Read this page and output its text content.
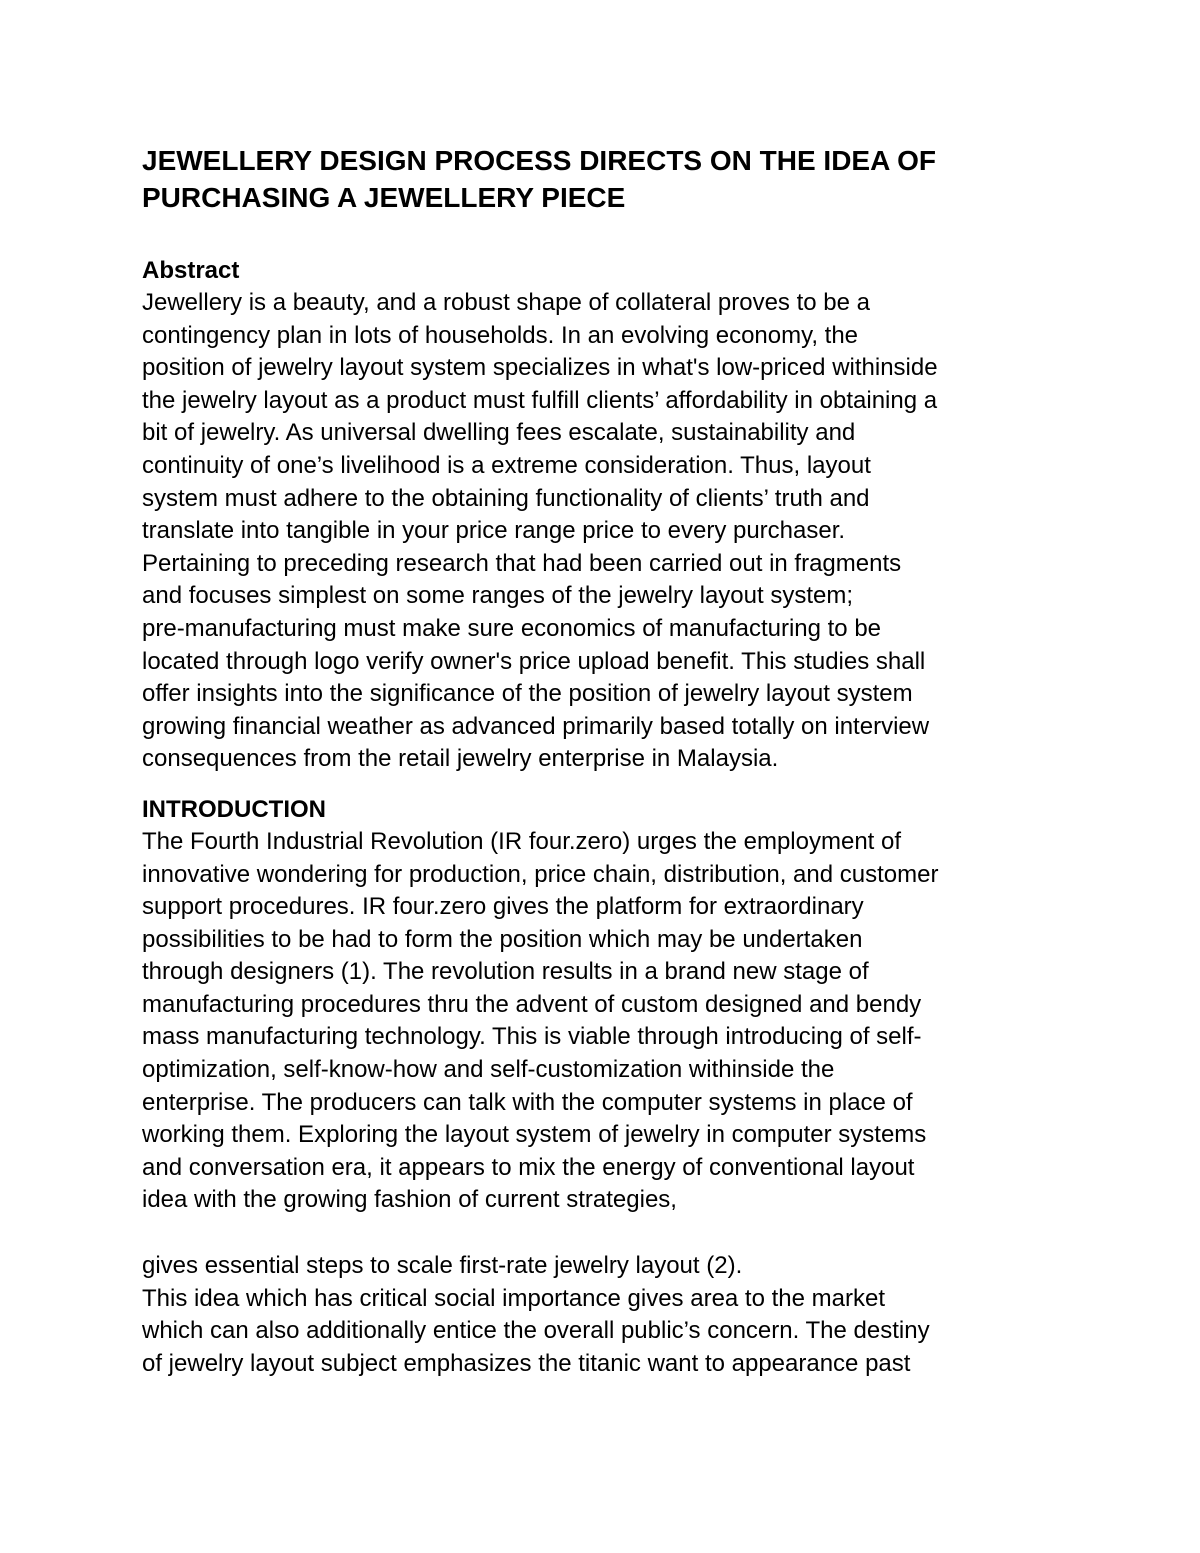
JEWELLERY DESIGN PROCESS DIRECTS ON THE IDEA OF
PURCHASING A JEWELLERY PIECE
Abstract

Jewellery is a beauty, and a robust shape of collateral proves to be a
contingency plan in lots of households. In an evolving economy, the
position of jewelry layout system specializes in what's low-priced withinside
the jewelry layout as a product must fulfill clients’ affordability in obtaining a
bit of jewelry. As universal dwelling fees escalate, sustainability and
continuity of one’s livelihood is a extreme consideration. Thus, layout
system must adhere to the obtaining functionality of clients’ truth and
translate into tangible in your price range price to every purchaser.
Pertaining to preceding research that had been carried out in fragments
and focuses simplest on some ranges of the jewelry layout system;
pre-manufacturing must make sure economics of manufacturing to be
located through logo verify owner's price upload benefit. This studies shall
offer insights into the significance of the position of jewelry layout system
growing financial weather as advanced primarily based totally on interview
consequences from the retail jewelry enterprise in Malaysia.

INTRODUCTION

The Fourth Industrial Revolution (IR four.zero) urges the employment of
innovative wondering for production, price chain, distribution, and customer
support procedures. IR four.zero gives the platform for extraordinary
possibilities to be had to form the position which may be undertaken
through designers (1). The revolution results in a brand new stage of
manufacturing procedures thru the advent of custom designed and bendy
mass manufacturing technology. This is viable through introducing of self-
optimization, self-know-how and self-customization withinside the
enterprise. The producers can talk with the computer systems in place of
working them. Exploring the layout system of jewelry in computer systems
and conversation era, it appears to mix the energy of conventional layout
idea with the growing fashion of current strategies,

gives essential steps to scale first-rate jewelry layout (2).
This idea which has critical social importance gives area to the market
which can also additionally entice the overall public’s concern. The destiny
of jewelry layout subject emphasizes the titanic want to appearance past
